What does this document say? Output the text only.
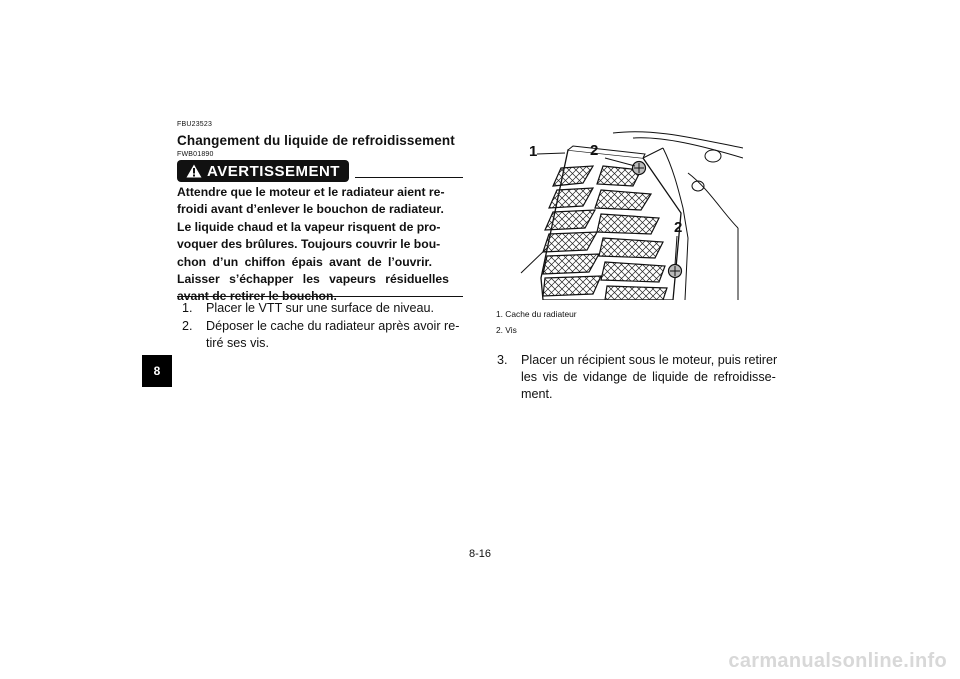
8
FBU23523
Changement du liquide de refroidissement
FWB01890
AVERTISSEMENT
Attendre que le moteur et le radiateur aient re-
froidi avant d’enlever le bouchon de radiateur.
Le liquide chaud et la vapeur risquent de pro-
voquer des brûlures. Toujours couvrir le bou-
chon d’un chiffon épais avant de l’ouvrir.
Laisser s’échapper les vapeurs résiduelles
avant de retirer le bouchon.
1. Placer le VTT sur une surface de niveau.
2. Déposer le cache du radiateur après avoir re-
tiré ses vis.
1	2
2
1. Cache du radiateur
2. Vis
3. Placer un récipient sous le moteur, puis retirer
les vis de vidange de liquide de refroidisse-
ment.
8-16
carmanualsonline.info
